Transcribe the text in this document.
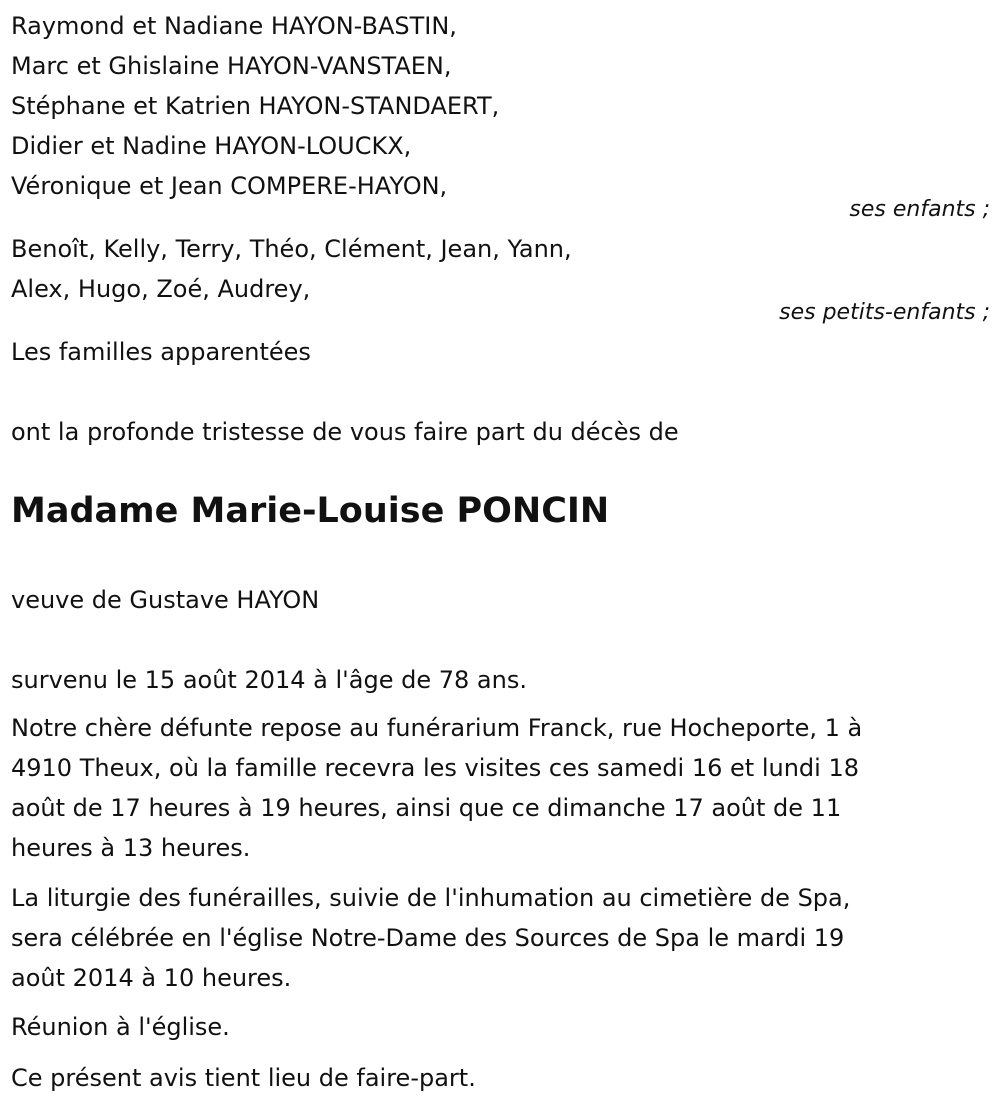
Raymond et Nadiane HAYON-BASTIN,
Marc et Ghislaine HAYON-VANSTAEN,
Stéphane et Katrien HAYON-STANDAERT,
Didier et Nadine HAYON-LOUCKX,
Véronique et Jean COMPERE-HAYON,
ses enfants ;
Benoît, Kelly, Terry, Théo, Clément, Jean, Yann,
Alex, Hugo, Zoé, Audrey,
ses petits-enfants ;
Les familles apparentées
ont la profonde tristesse de vous faire part du décès de
Madame Marie-Louise PONCIN
veuve de Gustave HAYON
survenu le 15 août 2014 à l'âge de 78 ans.
Notre chère défunte repose au funérarium Franck, rue Hocheporte, 1 à
4910 Theux, où la famille recevra les visites ces samedi 16 et lundi 18
août de 17 heures à 19 heures, ainsi que ce dimanche 17 août de 11
heures à 13 heures.
La liturgie des funérailles, suivie de l'inhumation au cimetière de Spa,
sera célébrée en l'église Notre-Dame des Sources de Spa le mardi 19
août 2014 à 10 heures.
Réunion à l'église.
Ce présent avis tient lieu de faire-part.
